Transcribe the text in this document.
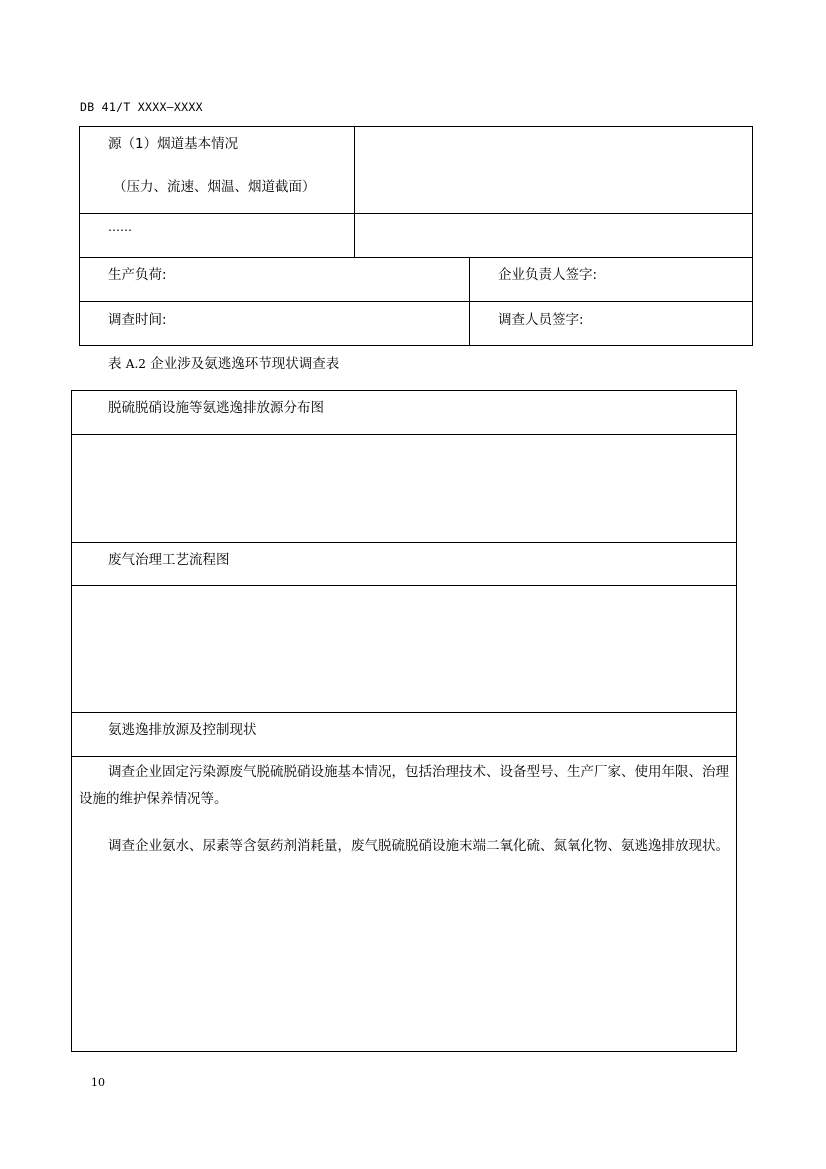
DB 41/T XXXX—XXXX
源（1）烟道基本情况
（压力、流速、烟温、烟道截面）
……
生产负荷:	企业负责人签字:
调查时间:	调查人员签字:
表 A.2 企业涉及氨逃逸环节现状调查表
脱硫脱硝设施等氨逃逸排放源分布图
废气治理工艺流程图
氨逃逸排放源及控制现状
调查企业固定污染源废气脱硫脱硝设施基本情况，包括治理技术、设备型号、生产厂家、使用年限、治理设施的维护保养情况等。
调查企业氨水、尿素等含氨药剂消耗量，废气脱硫脱硝设施末端二氧化硫、氮氧化物、氨逃逸排放现状。
10
